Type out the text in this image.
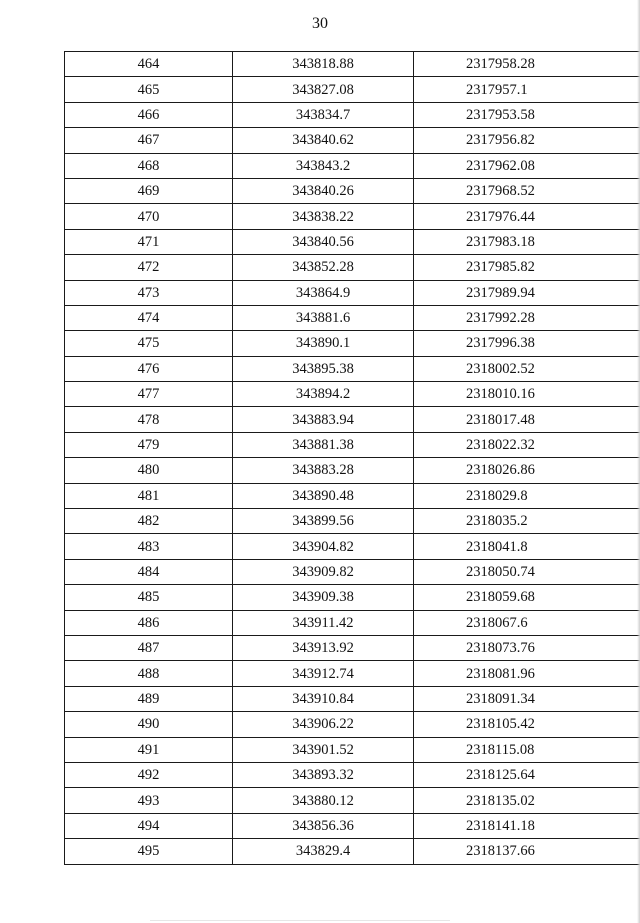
30
464	343818.88	2317958.28
465	343827.08	2317957.1
466	343834.7	2317953.58
467	343840.62	2317956.82
468	343843.2	2317962.08
469	343840.26	2317968.52
470	343838.22	2317976.44
471	343840.56	2317983.18
472	343852.28	2317985.82
473	343864.9	2317989.94
474	343881.6	2317992.28
475	343890.1	2317996.38
476	343895.38	2318002.52
477	343894.2	2318010.16
478	343883.94	2318017.48
479	343881.38	2318022.32
480	343883.28	2318026.86
481	343890.48	2318029.8
482	343899.56	2318035.2
483	343904.82	2318041.8
484	343909.82	2318050.74
485	343909.38	2318059.68
486	343911.42	2318067.6
487	343913.92	2318073.76
488	343912.74	2318081.96
489	343910.84	2318091.34
490	343906.22	2318105.42
491	343901.52	2318115.08
492	343893.32	2318125.64
493	343880.12	2318135.02
494	343856.36	2318141.18
495	343829.4	2318137.66
